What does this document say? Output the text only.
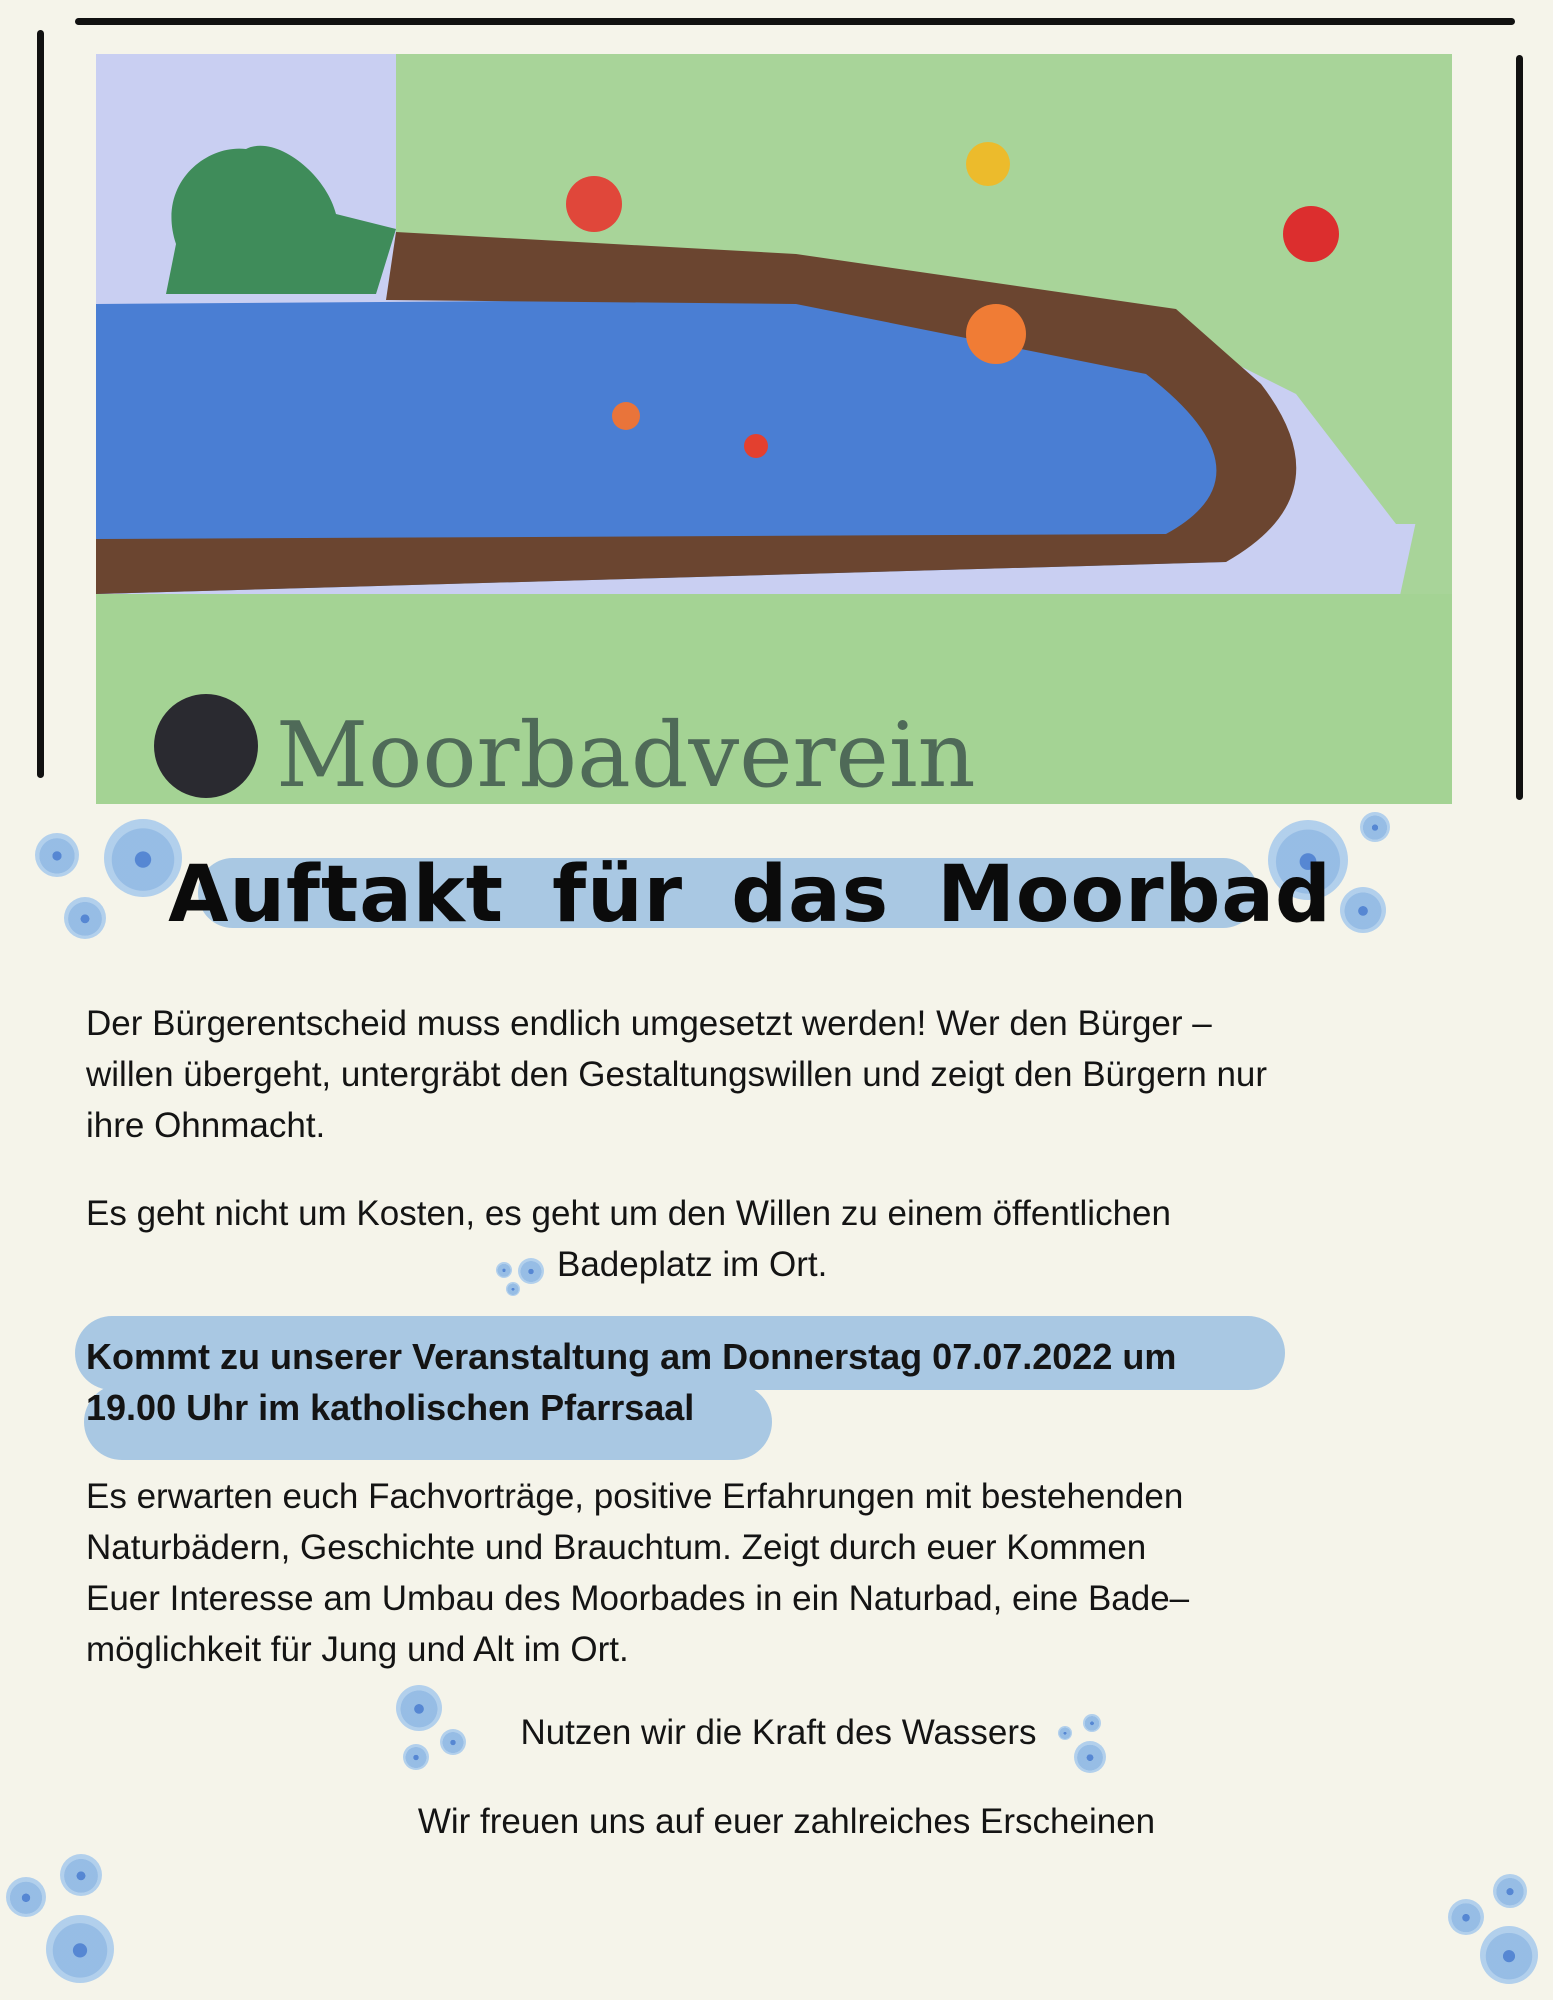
Moorbadverein
Auftakt für das Moorbad
Der Bürgerentscheid muss endlich umgesetzt werden! Wer den Bürger –
willen übergeht, untergräbt den Gestaltungswillen und zeigt den Bürgern nur
ihre Ohnmacht.
Es geht nicht um Kosten, es geht um den Willen zu einem öffentlichen
Badeplatz im Ort.
Kommt zu unserer Veranstaltung am Donnerstag 07.07.2022 um
19.00 Uhr im katholischen Pfarrsaal
Es erwarten euch Fachvorträge, positive Erfahrungen mit bestehenden
Naturbädern, Geschichte und Brauchtum. Zeigt durch euer Kommen
Euer Interesse am Umbau des Moorbades in ein Naturbad, eine Bade–
möglichkeit für Jung und Alt im Ort.

Nutzen wir die Kraft des Wassers

Wir freuen uns auf euer zahlreiches Erscheinen
